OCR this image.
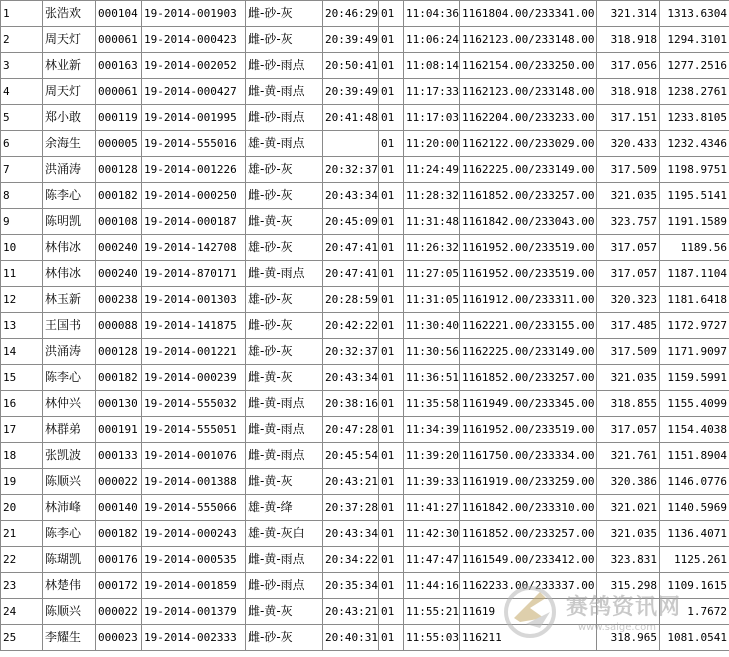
1	张浩欢	000104	19-2014-001903	雌-砂-灰	20:46:29	01	11:04:36	1161804.00/233341.00	321.314	1313.6304
2	周天灯	000061	19-2014-000423	雌-砂-灰	20:39:49	01	11:06:24	1162123.00/233148.00	318.918	1294.3101
3	林业新	000163	19-2014-002052	雌-砂-雨点	20:50:41	01	11:08:14	1162154.00/233250.00	317.056	1277.2516
4	周天灯	000061	19-2014-000427	雌-黄-雨点	20:39:49	01	11:17:33	1162123.00/233148.00	318.918	1238.2761
5	郑小敢	000119	19-2014-001995	雌-砂-雨点	20:41:48	01	11:17:03	1162204.00/233233.00	317.151	1233.8105
6	余海生	000005	19-2014-555016	雄-黄-雨点		01	11:20:00	1162122.00/233029.00	320.433	1232.4346
7	洪涌涛	000128	19-2014-001226	雄-砂-灰	20:32:37	01	11:24:49	1162225.00/233149.00	317.509	1198.9751
8	陈李心	000182	19-2014-000250	雌-砂-灰	20:43:34	01	11:28:32	1161852.00/233257.00	321.035	1195.5141
9	陈明凯	000108	19-2014-000187	雌-黄-灰	20:45:09	01	11:31:48	1161842.00/233043.00	323.757	1191.1589
10	林伟冰	000240	19-2014-142708	雄-砂-灰	20:47:41	01	11:26:32	1161952.00/233519.00	317.057	1189.56
11	林伟冰	000240	19-2014-870171	雌-黄-雨点	20:47:41	01	11:27:05	1161952.00/233519.00	317.057	1187.1104
12	林玉新	000238	19-2014-001303	雄-砂-灰	20:28:59	01	11:31:05	1161912.00/233311.00	320.323	1181.6418
13	王国书	000088	19-2014-141875	雌-砂-灰	20:42:22	01	11:30:40	1162221.00/233155.00	317.485	1172.9727
14	洪涌涛	000128	19-2014-001221	雄-砂-灰	20:32:37	01	11:30:56	1162225.00/233149.00	317.509	1171.9097
15	陈李心	000182	19-2014-000239	雌-黄-灰	20:43:34	01	11:36:51	1161852.00/233257.00	321.035	1159.5991
16	林仲兴	000130	19-2014-555032	雌-黄-雨点	20:38:16	01	11:35:58	1161949.00/233345.00	318.855	1155.4099
17	林群弟	000191	19-2014-555051	雌-黄-雨点	20:47:28	01	11:34:39	1161952.00/233519.00	317.057	1154.4038
18	张凯波	000133	19-2014-001076	雌-黄-雨点	20:45:54	01	11:39:20	1161750.00/233334.00	321.761	1151.8904
19	陈顺兴	000022	19-2014-001388	雌-黄-灰	20:43:21	01	11:39:33	1161919.00/233259.00	320.386	1146.0776
20	林沛峰	000140	19-2014-555066	雄-黄-绛	20:37:28	01	11:41:27	1161842.00/233310.00	321.021	1140.5969
21	陈李心	000182	19-2014-000243	雄-黄-灰白	20:43:34	01	11:42:30	1161852.00/233257.00	321.035	1136.4071
22	陈瑚凯	000176	19-2014-000535	雌-黄-雨点	20:34:22	01	11:47:47	1161549.00/233412.00	323.831	1125.261
23	林楚伟	000172	19-2014-001859	雌-砂-雨点	20:35:34	01	11:44:16	1162233.00/233337.00	315.298	1109.1615
24	陈顺兴	000022	19-2014-001379	雌-黄-灰	20:43:21	01	11:55:21	11619		1.7672
25	李耀生	000023	19-2014-002333	雌-砂-灰	20:40:31	01	11:55:03	116211	318.965	1081.0541
赛鸽资讯网
www.saige.com
